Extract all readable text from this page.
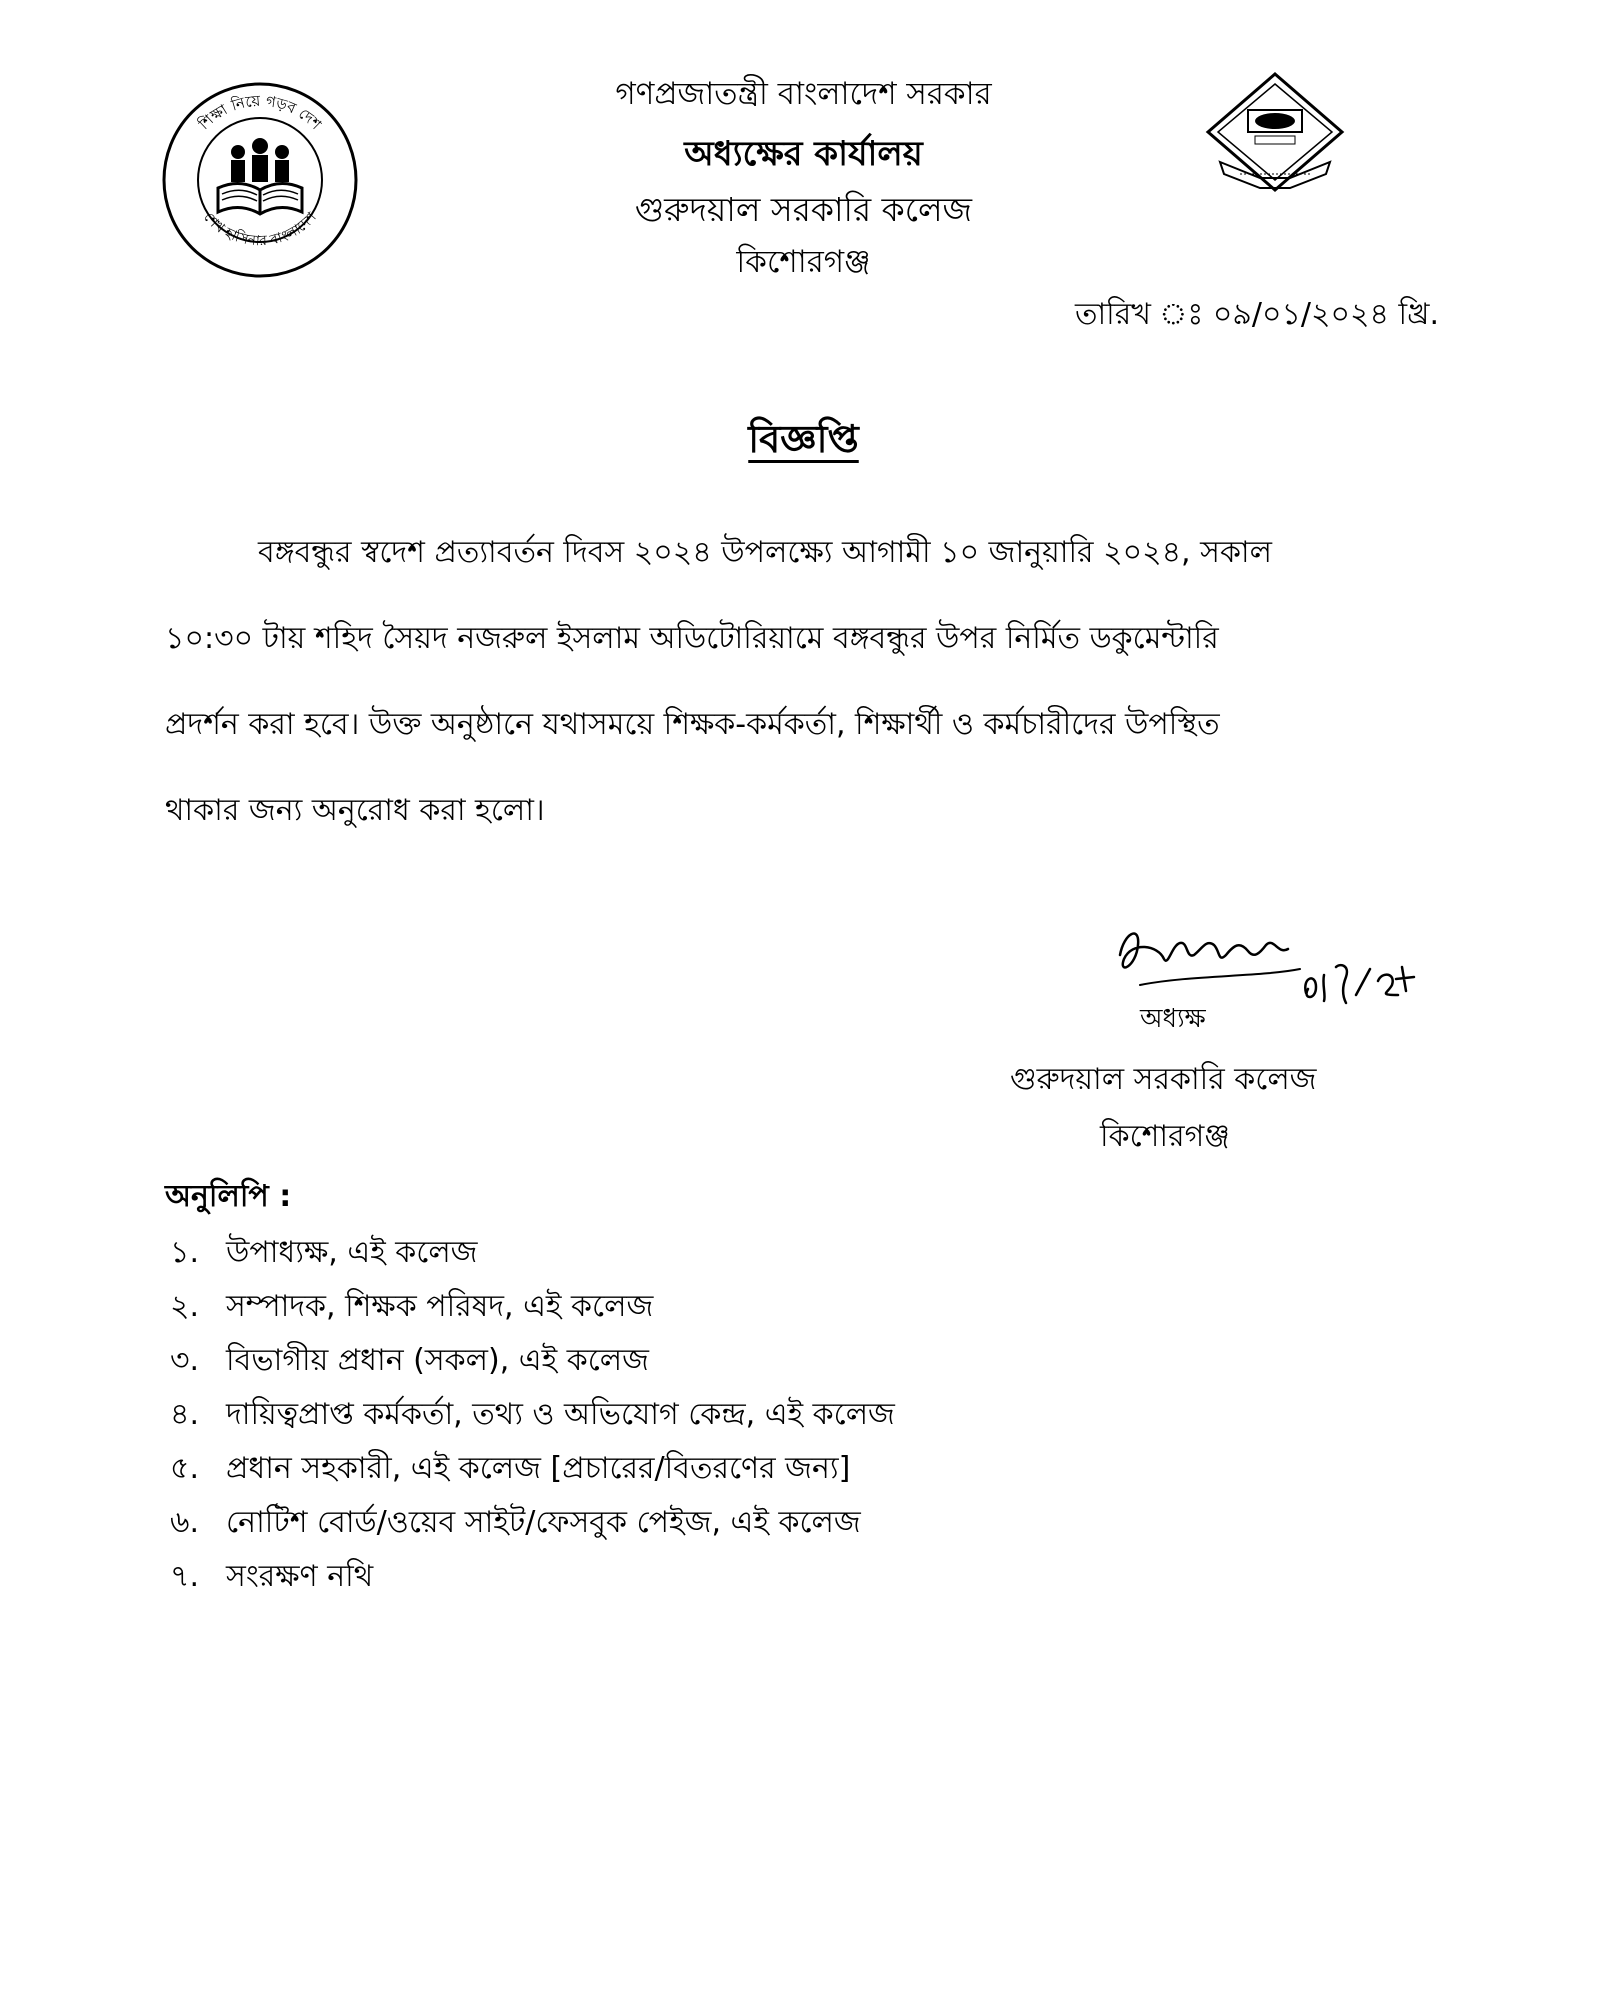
শিক্ষা নিয়ে গড়ব দেশ
শেখ হাসিনার বাংলাদেশ
গণপ্রজাতন্ত্রী বাংলাদেশ সরকার
অধ্যক্ষের কার্যালয়
গুরুদয়াল সরকারি কলেজ
কিশোরগঞ্জ
তারিখ ঃ ০৯/০১/২০২৪ খ্রি.
বিজ্ঞপ্তি
বঙ্গবন্ধুর স্বদেশ প্রত্যাবর্তন দিবস ২০২৪ উপলক্ষ্যে আগামী ১০ জানুয়ারি ২০২৪, সকাল
১০:৩০ টায় শহিদ সৈয়দ নজরুল ইসলাম অডিটোরিয়ামে বঙ্গবন্ধুর উপর নির্মিত ডকুমেন্টারি
প্রদর্শন করা হবে। উক্ত অনুষ্ঠানে যথাসময়ে শিক্ষক-কর্মকর্তা, শিক্ষার্থী ও কর্মচারীদের উপস্থিত
থাকার জন্য অনুরোধ করা হলো।
অধ্যক্ষ
গুরুদয়াল সরকারি কলেজ
কিশোরগঞ্জ
অনুলিপি :
১. উপাধ্যক্ষ, এই কলেজ
২. সম্পাদক, শিক্ষক পরিষদ, এই কলেজ
৩. বিভাগীয় প্রধান (সকল), এই কলেজ
৪. দায়িত্বপ্রাপ্ত কর্মকর্তা, তথ্য ও অভিযোগ কেন্দ্র, এই কলেজ
৫. প্রধান সহকারী, এই কলেজ [প্রচারের/বিতরণের জন্য]
৬. নোটিশ বোর্ড/ওয়েব সাইট/ফেসবুক পেইজ, এই কলেজ
৭. সংরক্ষণ নথি
